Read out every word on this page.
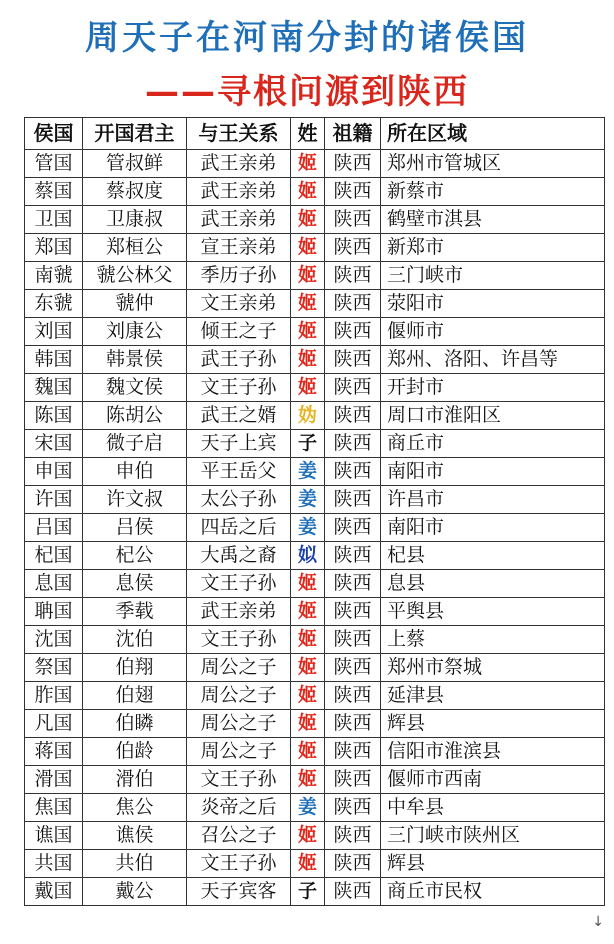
周天子在河南分封的诸侯国
——寻根问源到陕西
侯国	开国君主	与王关系	姓	祖籍	所在区域
管国	管叔鲜	武王亲弟	姬	陕西	郑州市管城区
蔡国	蔡叔度	武王亲弟	姬	陕西	新蔡市
卫国	卫康叔	武王亲弟	姬	陕西	鹤壁市淇县
郑国	郑桓公	宣王亲弟	姬	陕西	新郑市
南虢	虢公林父	季历子孙	姬	陕西	三门峡市
东虢	虢仲	文王亲弟	姬	陕西	荥阳市
刘国	刘康公	倾王之子	姬	陕西	偃师市
韩国	韩景侯	武王子孙	姬	陕西	郑州、洛阳、许昌等
魏国	魏文侯	文王子孙	姬	陕西	开封市
陈国	陈胡公	武王之婿	妫	陕西	周口市淮阳区
宋国	微子启	天子上宾	子	陕西	商丘市
申国	申伯	平王岳父	姜	陕西	南阳市
许国	许文叔	太公子孙	姜	陕西	许昌市
吕国	吕侯	四岳之后	姜	陕西	南阳市
杞国	杞公	大禹之裔	姒	陕西	杞县
息国	息侯	文王子孙	姬	陕西	息县
聃国	季载	武王亲弟	姬	陕西	平舆县
沈国	沈伯	文王子孙	姬	陕西	上蔡
祭国	伯翔	周公之子	姬	陕西	郑州市祭城
胙国	伯翅	周公之子	姬	陕西	延津县
凡国	伯瞵	周公之子	姬	陕西	辉县
蒋国	伯龄	周公之子	姬	陕西	信阳市淮滨县
滑国	滑伯	文王子孙	姬	陕西	偃师市西南
焦国	焦公	炎帝之后	姜	陕西	中牟县
谯国	谯侯	召公之子	姬	陕西	三门峡市陕州区
共国	共伯	文王子孙	姬	陕西	辉县
戴国	戴公	天子宾客	子	陕西	商丘市民权
↓
